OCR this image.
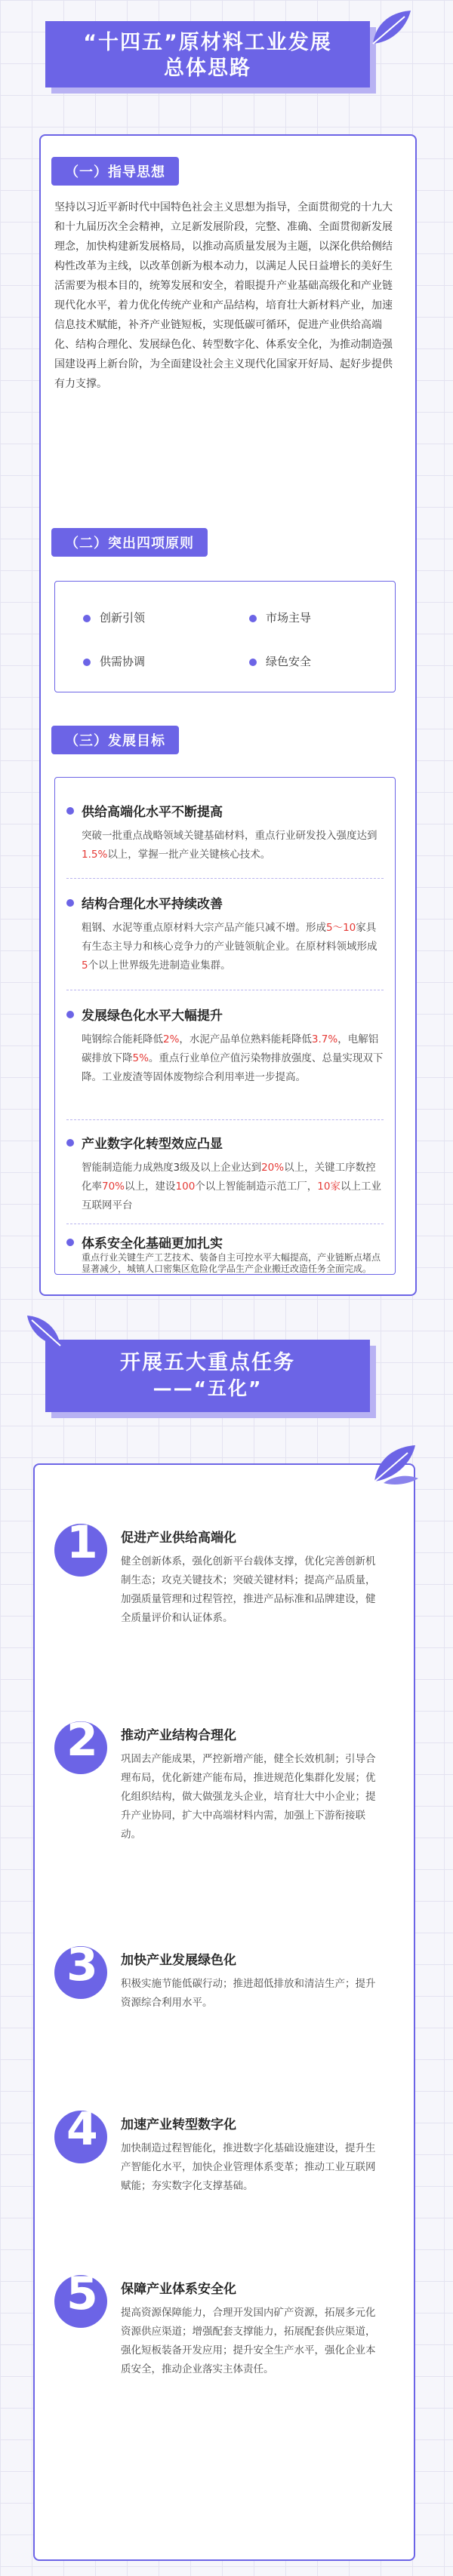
“十四五”原材料工业发展
总体思路
（一）指导思想
坚持以习近平新时代中国特色社会主义思想为指导，全面贯彻党的十九大和十九届历次全会精神，立足新发展阶段，完整、准确、全面贯彻新发展理念，加快构建新发展格局，以推动高质量发展为主题，以深化供给侧结构性改革为主线，以改革创新为根本动力，以满足人民日益增长的美好生活需要为根本目的，统筹发展和安全，着眼提升产业基础高级化和产业链现代化水平，着力优化传统产业和产品结构，培育壮大新材料产业，加速信息技术赋能，补齐产业链短板，实现低碳可循环，促进产业供给高端化、结构合理化、发展绿色化、转型数字化、体系安全化，为推动制造强国建设再上新台阶，为全面建设社会主义现代化国家开好局、起好步提供有力支撑。
（二）突出四项原则
创新引领	市场主导
供需协调	绿色安全
（三）发展目标
供给高端化水平不断提高
突破一批重点战略领域关键基础材料，重点行业研发投入强度达到1.5%以上，掌握一批产业关键核心技术。
结构合理化水平持续改善
粗钢、水泥等重点原材料大宗产品产能只减不增。形成5～10家具有生态主导力和核心竞争力的产业链领航企业。在原材料领域形成5个以上世界级先进制造业集群。
发展绿色化水平大幅提升
吨钢综合能耗降低2%，水泥产品单位熟料能耗降低3.7%，电解铝碳排放下降5%。重点行业单位产值污染物排放强度、总量实现双下降。工业废渣等固体废物综合利用率进一步提高。
产业数字化转型效应凸显
智能制造能力成熟度3级及以上企业达到20%以上，关键工序数控化率70%以上，建设100个以上智能制造示范工厂，10家以上工业互联网平台
体系安全化基础更加扎实
重点行业关键生产工艺技术、装备自主可控水平大幅提高，产业链断点堵点显著减少，城镇人口密集区危险化学品生产企业搬迁改造任务全面完成。
开展五大重点任务
——“五化”
1 促进产业供给高端化
健全创新体系，强化创新平台载体支撑，优化完善创新机制生态；攻克关键技术；突破关键材料；提高产品质量，加强质量管理和过程管控，推进产品标准和品牌建设，健全质量评价和认证体系。
2 推动产业结构合理化
巩固去产能成果，严控新增产能，健全长效机制；引导合理布局，优化新建产能布局，推进规范化集群化发展；优化组织结构，做大做强龙头企业，培育壮大中小企业；提升产业协同，扩大中高端材料内需，加强上下游衔接联动。
3 加快产业发展绿色化
积极实施节能低碳行动；推进超低排放和清洁生产；提升资源综合利用水平。
4 加速产业转型数字化
加快制造过程智能化，推进数字化基础设施建设，提升生产智能化水平，加快企业管理体系变革；推动工业互联网赋能；夯实数字化支撑基础。
5 保障产业体系安全化
提高资源保障能力，合理开发国内矿产资源，拓展多元化资源供应渠道；增强配套支撑能力，拓展配套供应渠道，强化短板装备开发应用；提升安全生产水平，强化企业本质安全，推动企业落实主体责任。
